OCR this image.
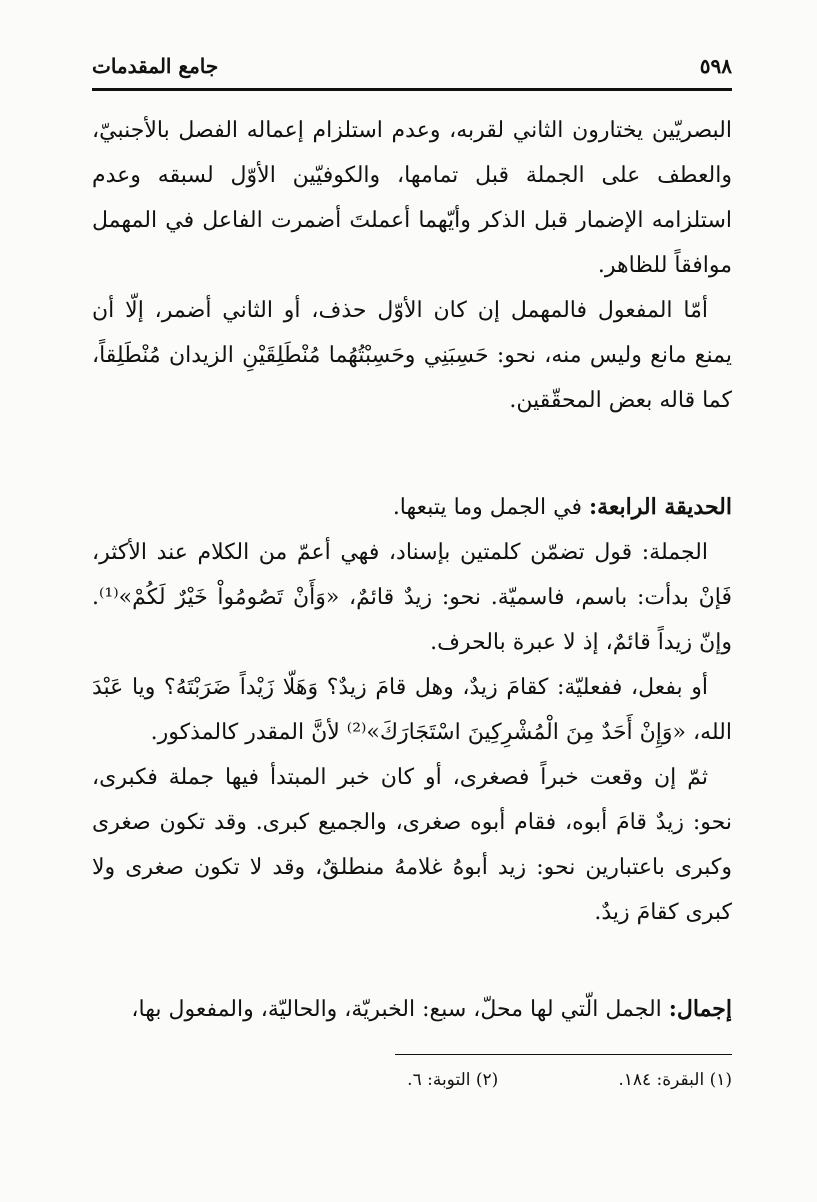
٥٩٨
جامع المقدمات

البصريّين يختارون الثاني لقربه، وعدم استلزام إعماله الفصل بالأجنبيّ، والعطف على الجملة قبل تمامها، والكوفيّين الأوّل لسبقه وعدم استلزامه الإضمار قبل الذكر وأيّهما أعملتَ أضمرت الفاعل في المهمل موافقاً للظاهر.

أمّا المفعول فالمهمل إن كان الأوّل حذف، أو الثاني أضمر، إلّا أن يمنع مانع وليس منه، نحو: حَسِبَنِي وحَسِبْتُهُما مُنْطَلِقَيْنِ الزيدان مُنْطَلِقاً، كما قاله بعض المحقّقين.

الحديقة الرابعة: في الجمل وما يتبعها.

الجملة: قول تضمّن كلمتين بإسناد، فهي أعمّ من الكلام عند الأكثر، فَإنْ بدأت: باسم، فاسميّة. نحو: زيدٌ قائمٌ، «وَأَنْ تَصُومُواْ خَيْرٌ لَكُمْ»⁽¹⁾. وإنّ زيداً قائمٌ، إذ لا عبرة بالحرف.

أو بفعل، ففعليّة: كقامَ زيدٌ، وهل قامَ زيدٌ؟ وَهَلّا زَيْداً ضَرَبْتَهُ؟ ويا عَبْدَ الله، «وَإِنْ أَحَدٌ مِنَ الْمُشْرِكِينَ اسْتَجَارَكَ»⁽²⁾ لأنَّ المقدر كالمذكور.

ثمّ إن وقعت خبراً فصغرى، أو كان خبر المبتدأ فيها جملة فكبرى، نحو: زيدٌ قامَ أبوه، فقام أبوه صغرى، والجميع كبرى. وقد تكون صغرى وكبرى باعتبارين نحو: زيد أبوهُ غلامهُ منطلقٌ، وقد لا تكون صغرى ولا كبرى كقامَ زيدٌ.

إجمال: الجمل الّتي لها محلّ، سبع: الخبريّة، والحاليّة، والمفعول بها،

(١) البقرة: ١٨٤.
(٢) التوبة: ٦.
